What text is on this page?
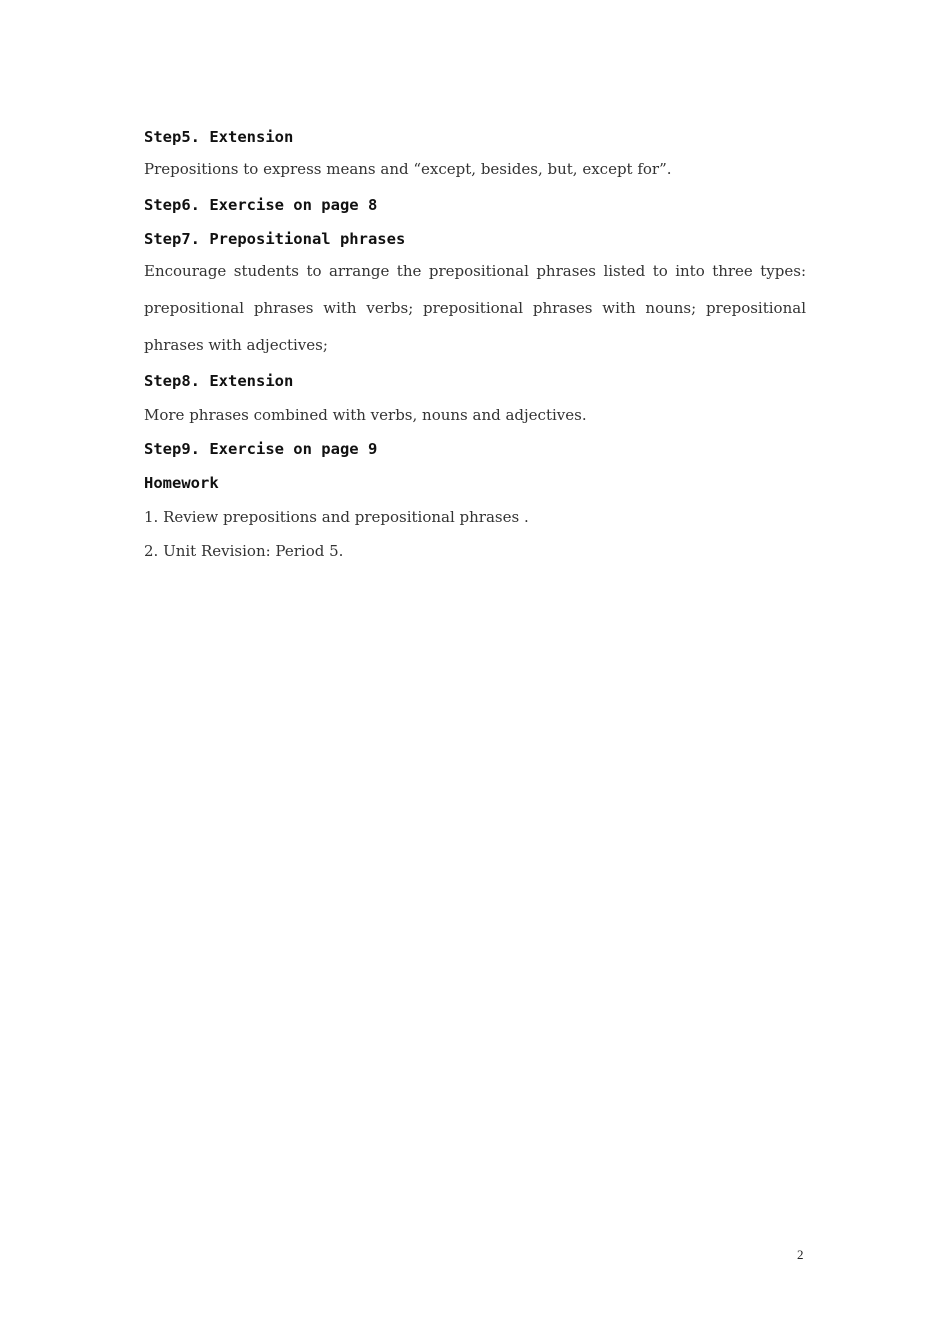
Step5. Extension
Prepositions to express means and “except, besides, but, except for”.
Step6. Exercise on page 8
Step7. Prepositional phrases
Encourage students to arrange the prepositional phrases listed to into three types: prepositional phrases with verbs; prepositional phrases with nouns; prepositional phrases with adjectives;
Step8. Extension
More phrases combined with verbs, nouns and adjectives.
Step9. Exercise on page 9
Homework
1. Review prepositions and prepositional phrases .
2. Unit Revision: Period 5.
2
